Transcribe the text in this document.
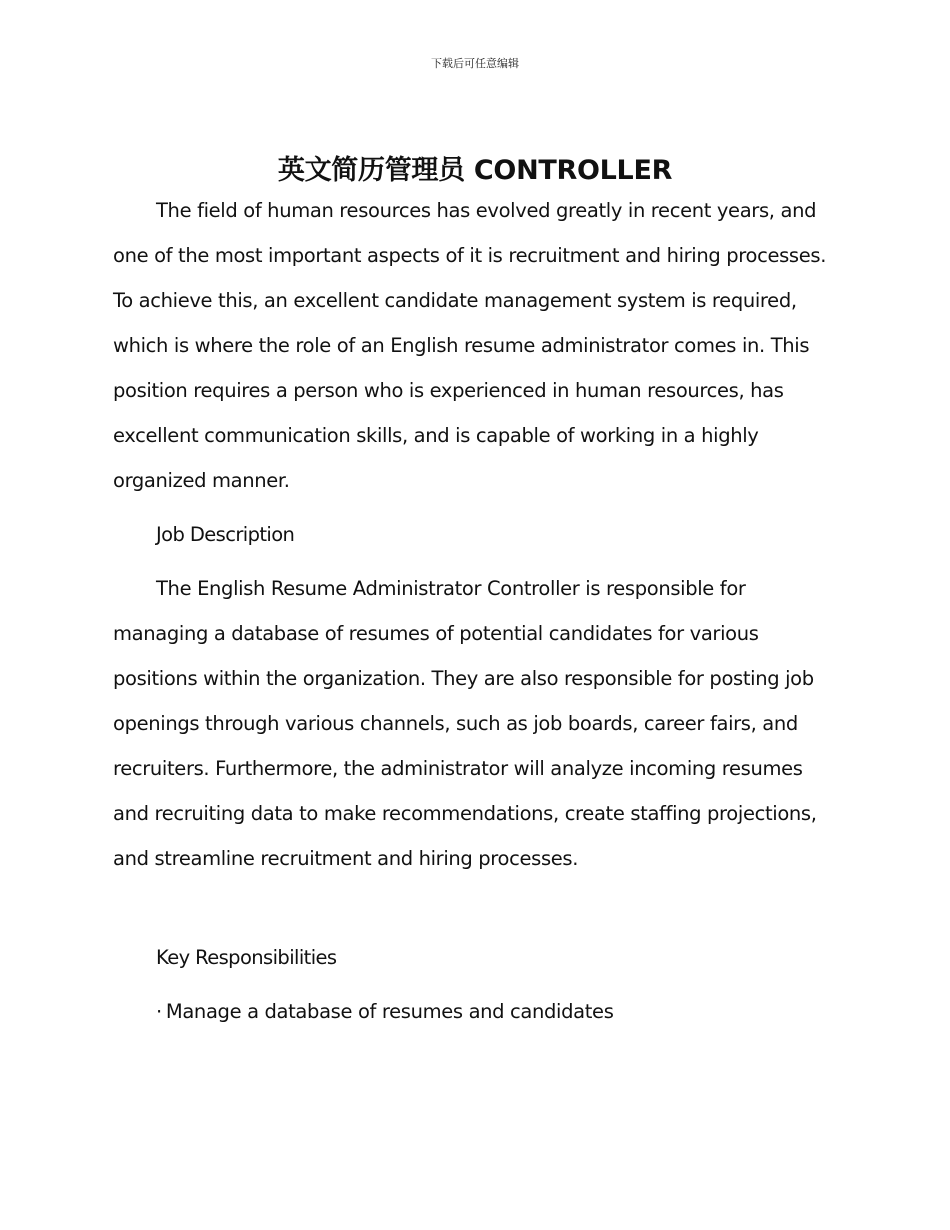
下载后可任意编辑
英文简历管理员 CONTROLLER

The field of human resources has evolved greatly in recent years, and one of the most important aspects of it is recruitment and hiring processes. To achieve this, an excellent candidate management system is required, which is where the role of an English resume administrator comes in. This position requires a person who is experienced in human resources, has excellent communication skills, and is capable of working in a highly organized manner.

Job Description

The English Resume Administrator Controller is responsible for managing a database of resumes of potential candidates for various positions within the organization. They are also responsible for posting job openings through various channels, such as job boards, career fairs, and recruiters. Furthermore, the administrator will analyze incoming resumes and recruiting data to make recommendations, create staffing projections, and streamline recruitment and hiring processes.

Key Responsibilities
· Manage a database of resumes and candidates
